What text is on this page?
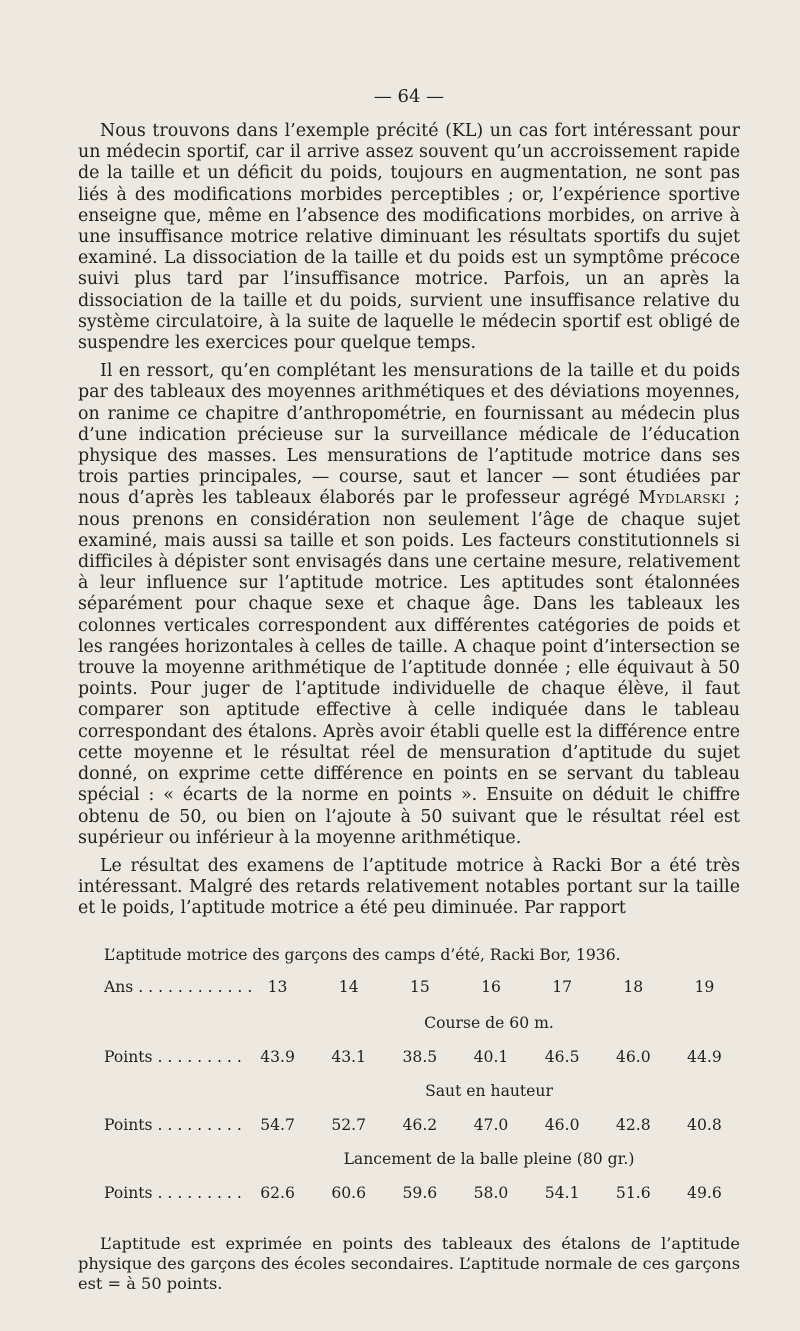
— 64 —

Nous trouvons dans l’exemple précité (KL) un cas fort intéressant pour un médecin sportif, car il arrive assez souvent qu’un accroissement rapide de la taille et un déficit du poids, toujours en augmentation, ne sont pas liés à des modifications morbides perceptibles ; or, l’expérience sportive enseigne que, même en l’absence des modifications morbides, on arrive à une insuffisance motrice relative diminuant les résultats sportifs du sujet examiné. La dissociation de la taille et du poids est un symptôme précoce suivi plus tard par l’insuffisance motrice. Parfois, un an après la dissociation de la taille et du poids, survient une insuffisance relative du système circulatoire, à la suite de laquelle le médecin sportif est obligé de suspendre les exercices pour quelque temps.

Il en ressort, qu’en complétant les mensurations de la taille et du poids par des tableaux des moyennes arithmétiques et des déviations moyennes, on ranime ce chapitre d’anthropométrie, en fournissant au médecin plus d’une indication précieuse sur la surveillance médicale de l’éducation physique des masses. Les mensurations de l’aptitude motrice dans ses trois parties principales, — course, saut et lancer — sont étudiées par nous d’après les tableaux élaborés par le professeur agrégé Mydlarski ; nous prenons en considération non seulement l’âge de chaque sujet examiné, mais aussi sa taille et son poids. Les facteurs constitutionnels si difficiles à dépister sont envisagés dans une certaine mesure, relativement à leur influence sur l’aptitude motrice. Les aptitudes sont étalonnées séparément pour chaque sexe et chaque âge. Dans les tableaux les colonnes verticales correspondent aux différentes catégories de poids et les rangées horizontales à celles de taille. A chaque point d’intersection se trouve la moyenne arithmétique de l’aptitude donnée ; elle équivaut à 50 points. Pour juger de l’aptitude individuelle de chaque élève, il faut comparer son aptitude effective à celle indiquée dans le tableau correspondant des étalons. Après avoir établi quelle est la différence entre cette moyenne et le résultat réel de mensuration d’aptitude du sujet donné, on exprime cette différence en points en se servant du tableau spécial : « écarts de la norme en points ». Ensuite on déduit le chiffre obtenu de 50, ou bien on l’ajoute à 50 suivant que le résultat réel est supérieur ou inférieur à la moyenne arithmétique.

Le résultat des examens de l’aptitude motrice à Racki Bor a été très intéressant. Malgré des retards relativement notables portant sur la taille et le poids, l’aptitude motrice a été peu diminuée. Par rapport

L’aptitude motrice des garçons des camps d’été, Racki Bor, 1936.
Ans . . . . . . . . . . . . 13	14	15	16	17	18	19
Course de 60 m.
Points . . . . . . . . .	43.9	43.1	38.5	40.1	46.5	46.0	44.9
Saut en hauteur
Points . . . . . . . . .	54.7	52.7	46.2	47.0	46.0	42.8	40.8
Lancement de la balle pleine (80 gr.)
Points . . . . . . . . .	62.6	60.6	59.6	58.0	54.1	51.6	49.6

L’aptitude est exprimée en points des tableaux des étalons de l’aptitude physique des garçons des écoles secondaires. L’aptitude normale de ces garçons est = à 50 points.
